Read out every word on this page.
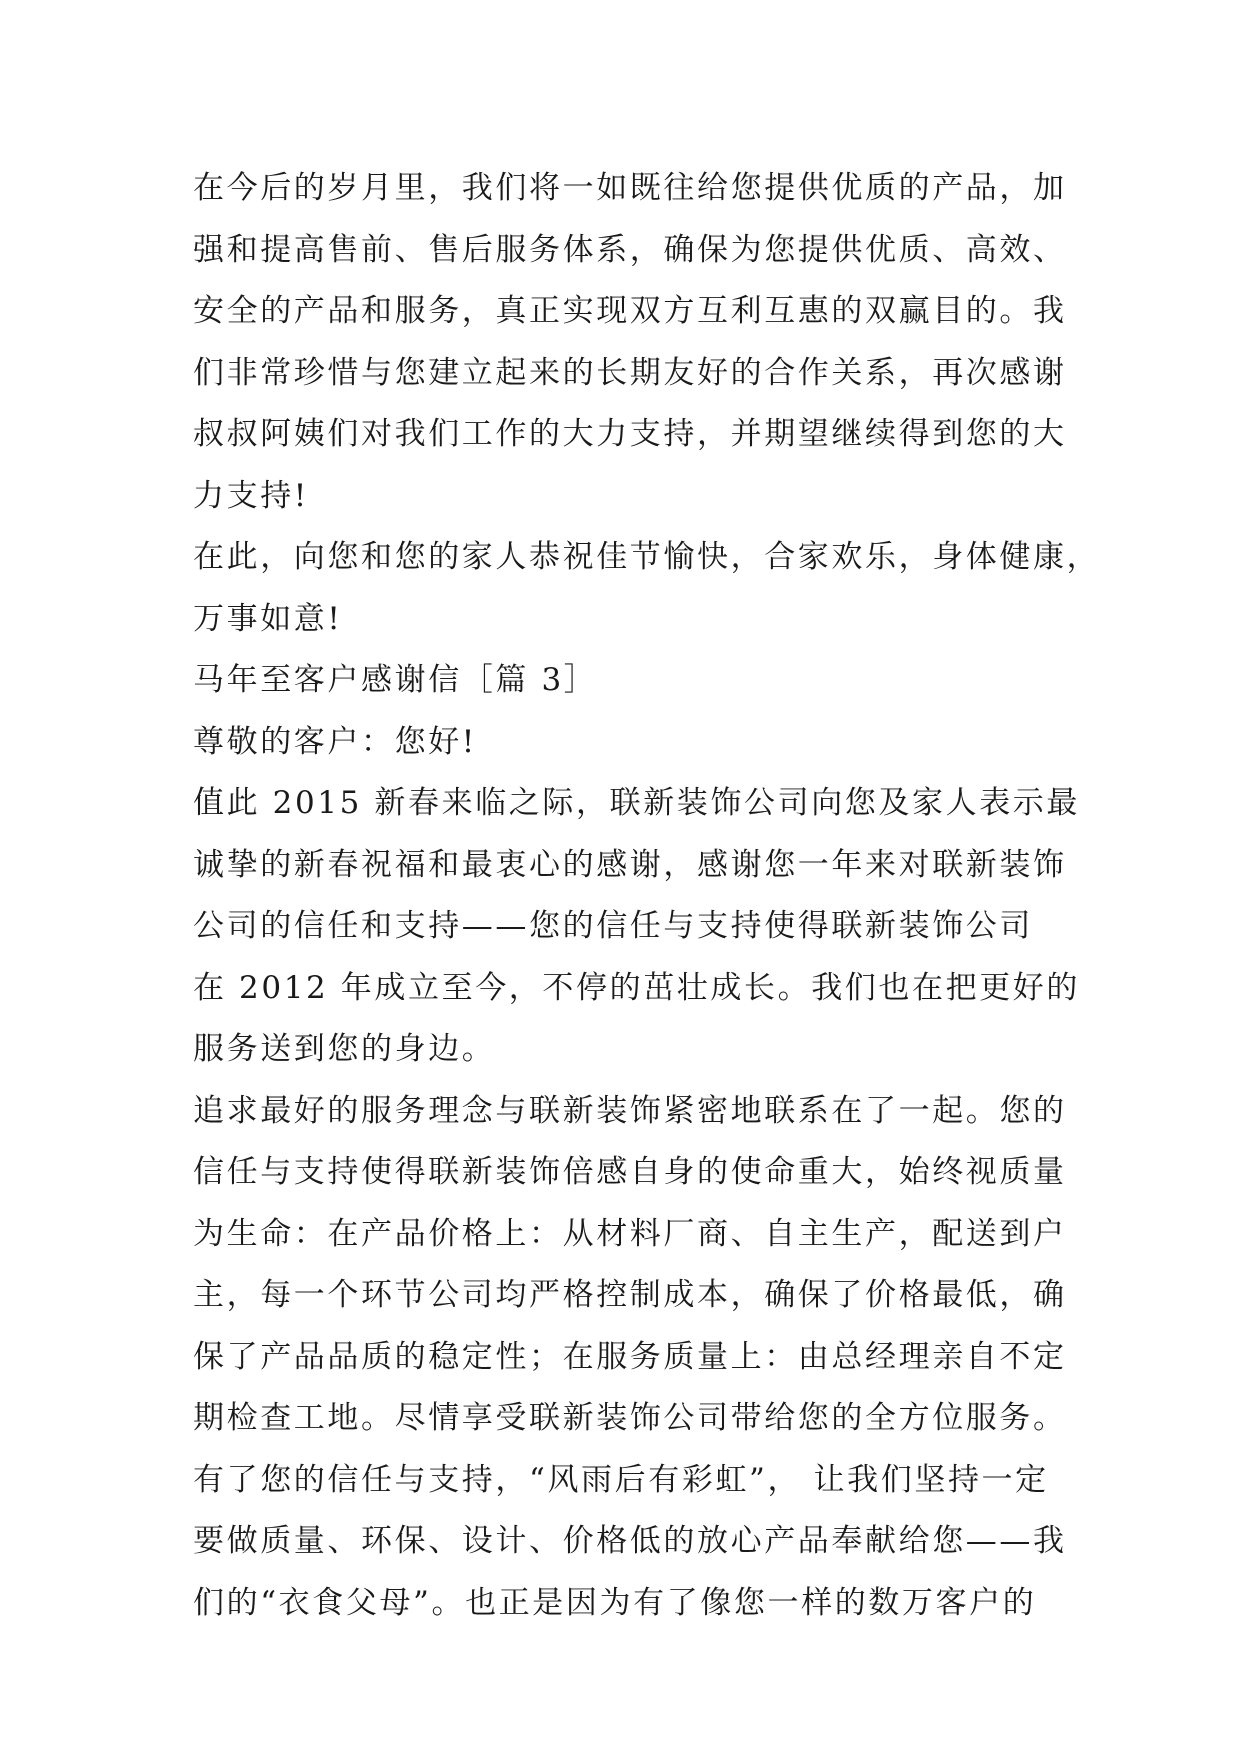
在今后的岁月里，我们将一如既往给您提供优质的产品，加
强和提高售前、售后服务体系，确保为您提供优质、高效、
安全的产品和服务，真正实现双方互利互惠的双赢目的。我
们非常珍惜与您建立起来的长期友好的合作关系，再次感谢
叔叔阿姨们对我们工作的大力支持，并期望继续得到您的大
力支持!
在此，向您和您的家人恭祝佳节愉快，合家欢乐，身体健康，
万事如意!
马年至客户感谢信［篇 3］
尊敬的客户：您好!
值此 2015 新春来临之际，联新装饰公司向您及家人表示最
诚挚的新春祝福和最衷心的感谢，感谢您一年来对联新装饰
公司的信任和支持——您的信任与支持使得联新装饰公司
在 2012 年成立至今，不停的茁壮成长。我们也在把更好的
服务送到您的身边。
追求最好的服务理念与联新装饰紧密地联系在了一起。您的
信任与支持使得联新装饰倍感自身的使命重大，始终视质量
为生命：在产品价格上：从材料厂商、自主生产，配送到户
主，每一个环节公司均严格控制成本，确保了价格最低，确
保了产品品质的稳定性；在服务质量上：由总经理亲自不定
期检查工地。尽情享受联新装饰公司带给您的全方位服务。
有了您的信任与支持，“风雨后有彩虹”， 让我们坚持一定
要做质量、环保、设计、价格低的放心产品奉献给您——我
们的“衣食父母”。也正是因为有了像您一样的数万客户的
